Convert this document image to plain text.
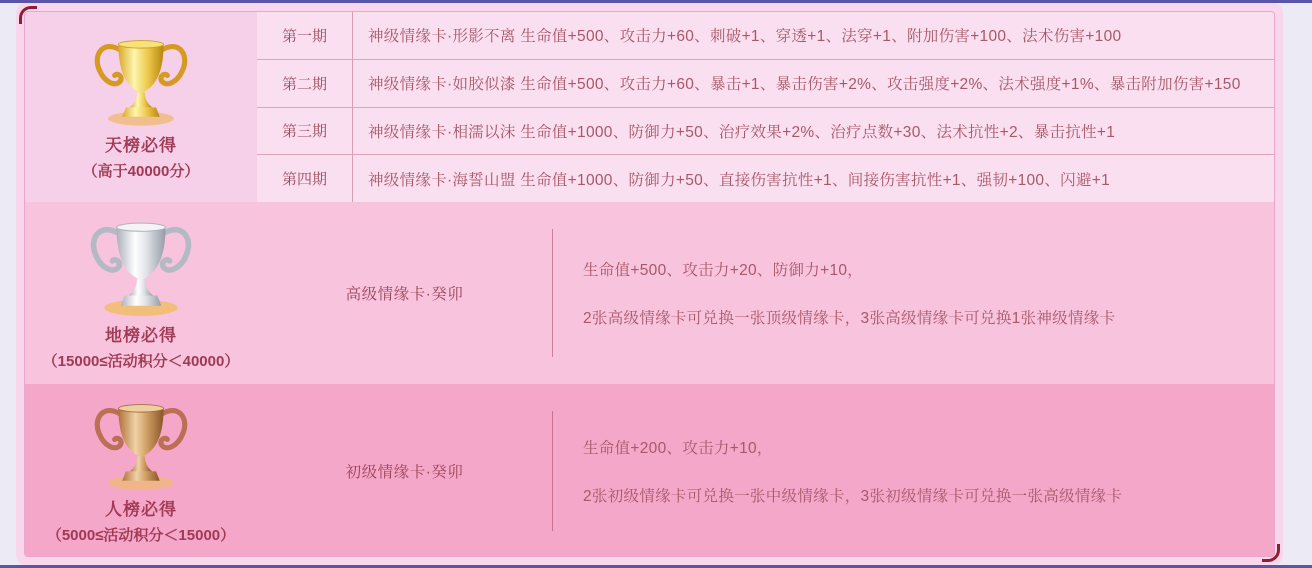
天榜必得
（高于40000分）
第一期	神级情缘卡·形影不离 生命值+500、攻击力+60、刺破+1、穿透+1、法穿+1、附加伤害+100、法术伤害+100
第二期	神级情缘卡·如胶似漆 生命值+500、攻击力+60、暴击+1、暴击伤害+2%、攻击强度+2%、法术强度+1%、暴击附加伤害+150
第三期	神级情缘卡·相濡以沫 生命值+1000、防御力+50、治疗效果+2%、治疗点数+30、法术抗性+2、暴击抗性+1
第四期	神级情缘卡·海誓山盟 生命值+1000、防御力+50、直接伤害抗性+1、间接伤害抗性+1、强韧+100、闪避+1
地榜必得
（15000≤活动积分＜40000）
高级情缘卡·癸卯

生命值+500、攻击力+20、防御力+10，

2张高级情缘卡可兑换一张顶级情缘卡，3张高级情缘卡可兑换1张神级情缘卡

人榜必得
（5000≤活动积分＜15000）
初级情缘卡·癸卯

生命值+200、攻击力+10，

2张初级情缘卡可兑换一张中级情缘卡，3张初级情缘卡可兑换一张高级情缘卡
